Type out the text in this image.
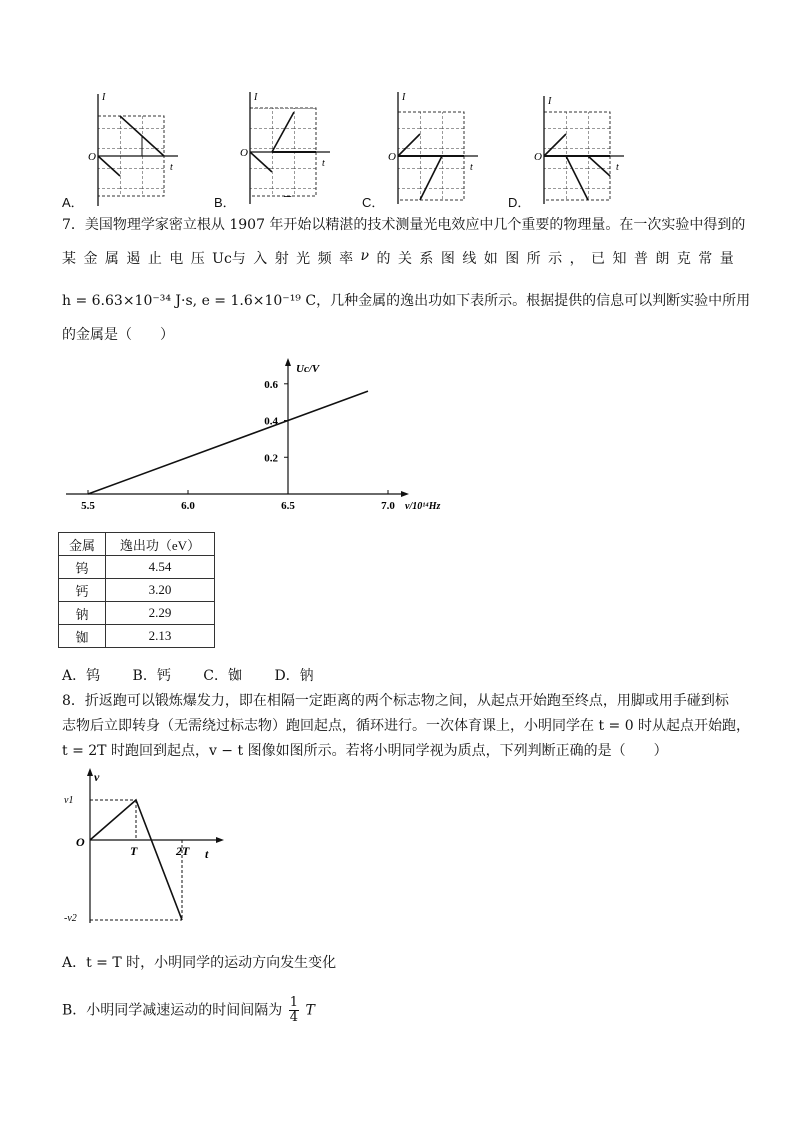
I
O
t
I
O
t
I
O
t
I
O
t
A．	B．	–	C．	D．
7．美国物理学家密立根从 1907 年开始以精湛的技术测量光电效应中几个重要的物理量。在一次实验中得到的
某 金 属 遏 止 电 压 Uc与 入 射 光 频 率 ν 的 关 系 图 线 如 图 所 示 ， 已 知 普 朗 克 常 量
h = 6.63×10⁻³⁴ J·s, e = 1.6×10⁻¹⁹ C，几种金属的逸出功如下表所示。根据提供的信息可以判断实验中所用
的金属是（　　）
0.2
0.4
0.6
5.5	6.0	6.5	7.0 ν/10¹⁴Hz
Uc/V
金属	逸出功（eV）
钨	4.54
钙	3.20
钠	2.29
铷	2.13
A．钨　　 B．钙　　 C．铷　　 D．钠
8．折返跑可以锻炼爆发力，即在相隔一定距离的两个标志物之间，从起点开始跑至终点，用脚或用手碰到标
志物后立即转身（无需绕过标志物）跑回起点，循环进行。一次体育课上，小明同学在 t = 0 时从起点开始跑，
t = 2T 时跑回到起点，v − t 图像如图所示。若将小明同学视为质点，下列判断正确的是（　　）
v
t
O
v1
-v2
T	2T
A．t = T 时，小明同学的运动方向发生变化
B．小明同学减速运动的时间间隔为 $\frac{1}{4}$ T
